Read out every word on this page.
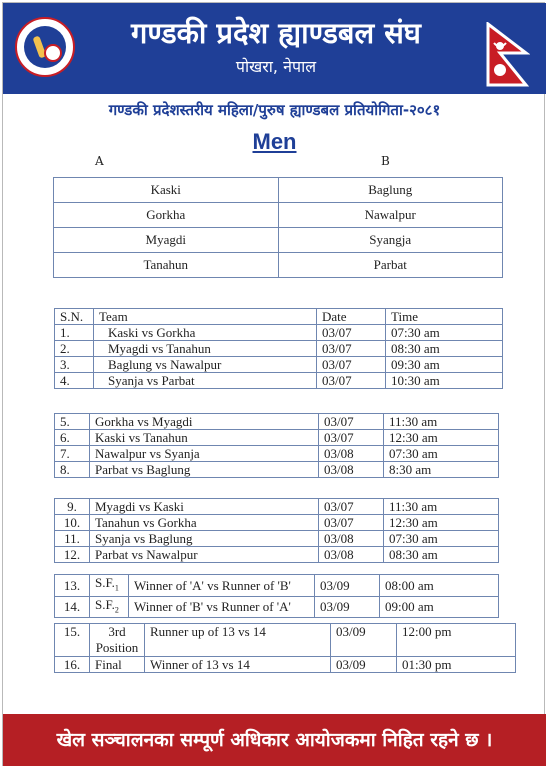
गण्डकी प्रदेश ह्याण्डबल संघ
पोखरा, नेपाल
गण्डकी प्रदेशस्तरीय महिला/पुरुष ह्याण्डबल प्रतियोगिता-२०८१
Men
A	B
Kaski	Baglung
Gorkha	Nawalpur
Myagdi	Syangja
Tanahun	Parbat
S.N.	Team	Date	Time
1.	Kaski vs Gorkha	03/07	07:30 am
2.	Myagdi vs Tanahun	03/07	08:30 am
3.	Baglung vs Nawalpur	03/07	09:30 am
4.	Syanja vs Parbat	03/07	10:30 am
5.	Gorkha vs Myagdi	03/07	11:30 am
6.	Kaski vs Tanahun	03/07	12:30 am
7.	Nawalpur vs Syanja	03/08	07:30 am
8.	Parbat vs Baglung	03/08	8:30 am
9.	Myagdi vs Kaski	03/07	11:30 am
10.	Tanahun vs Gorkha	03/07	12:30 am
11.	Syanja vs Baglung	03/08	07:30 am
12.	Parbat vs Nawalpur	03/08	08:30 am
13.	$S.F._1$	Winner of 'A' vs Runner of 'B'	03/09	08:00 am
14.	$S.F._2$	Winner of 'B' vs Runner of 'A'	03/09	09:00 am
15.	3rd Position	Runner up of 13 vs 14	03/09	12:00 pm
16.	Final	Winner of 13 vs 14	03/09	01:30 pm
खेल सञ्चालनका सम्पूर्ण अधिकार आयोजकमा निहित रहने छ ।
